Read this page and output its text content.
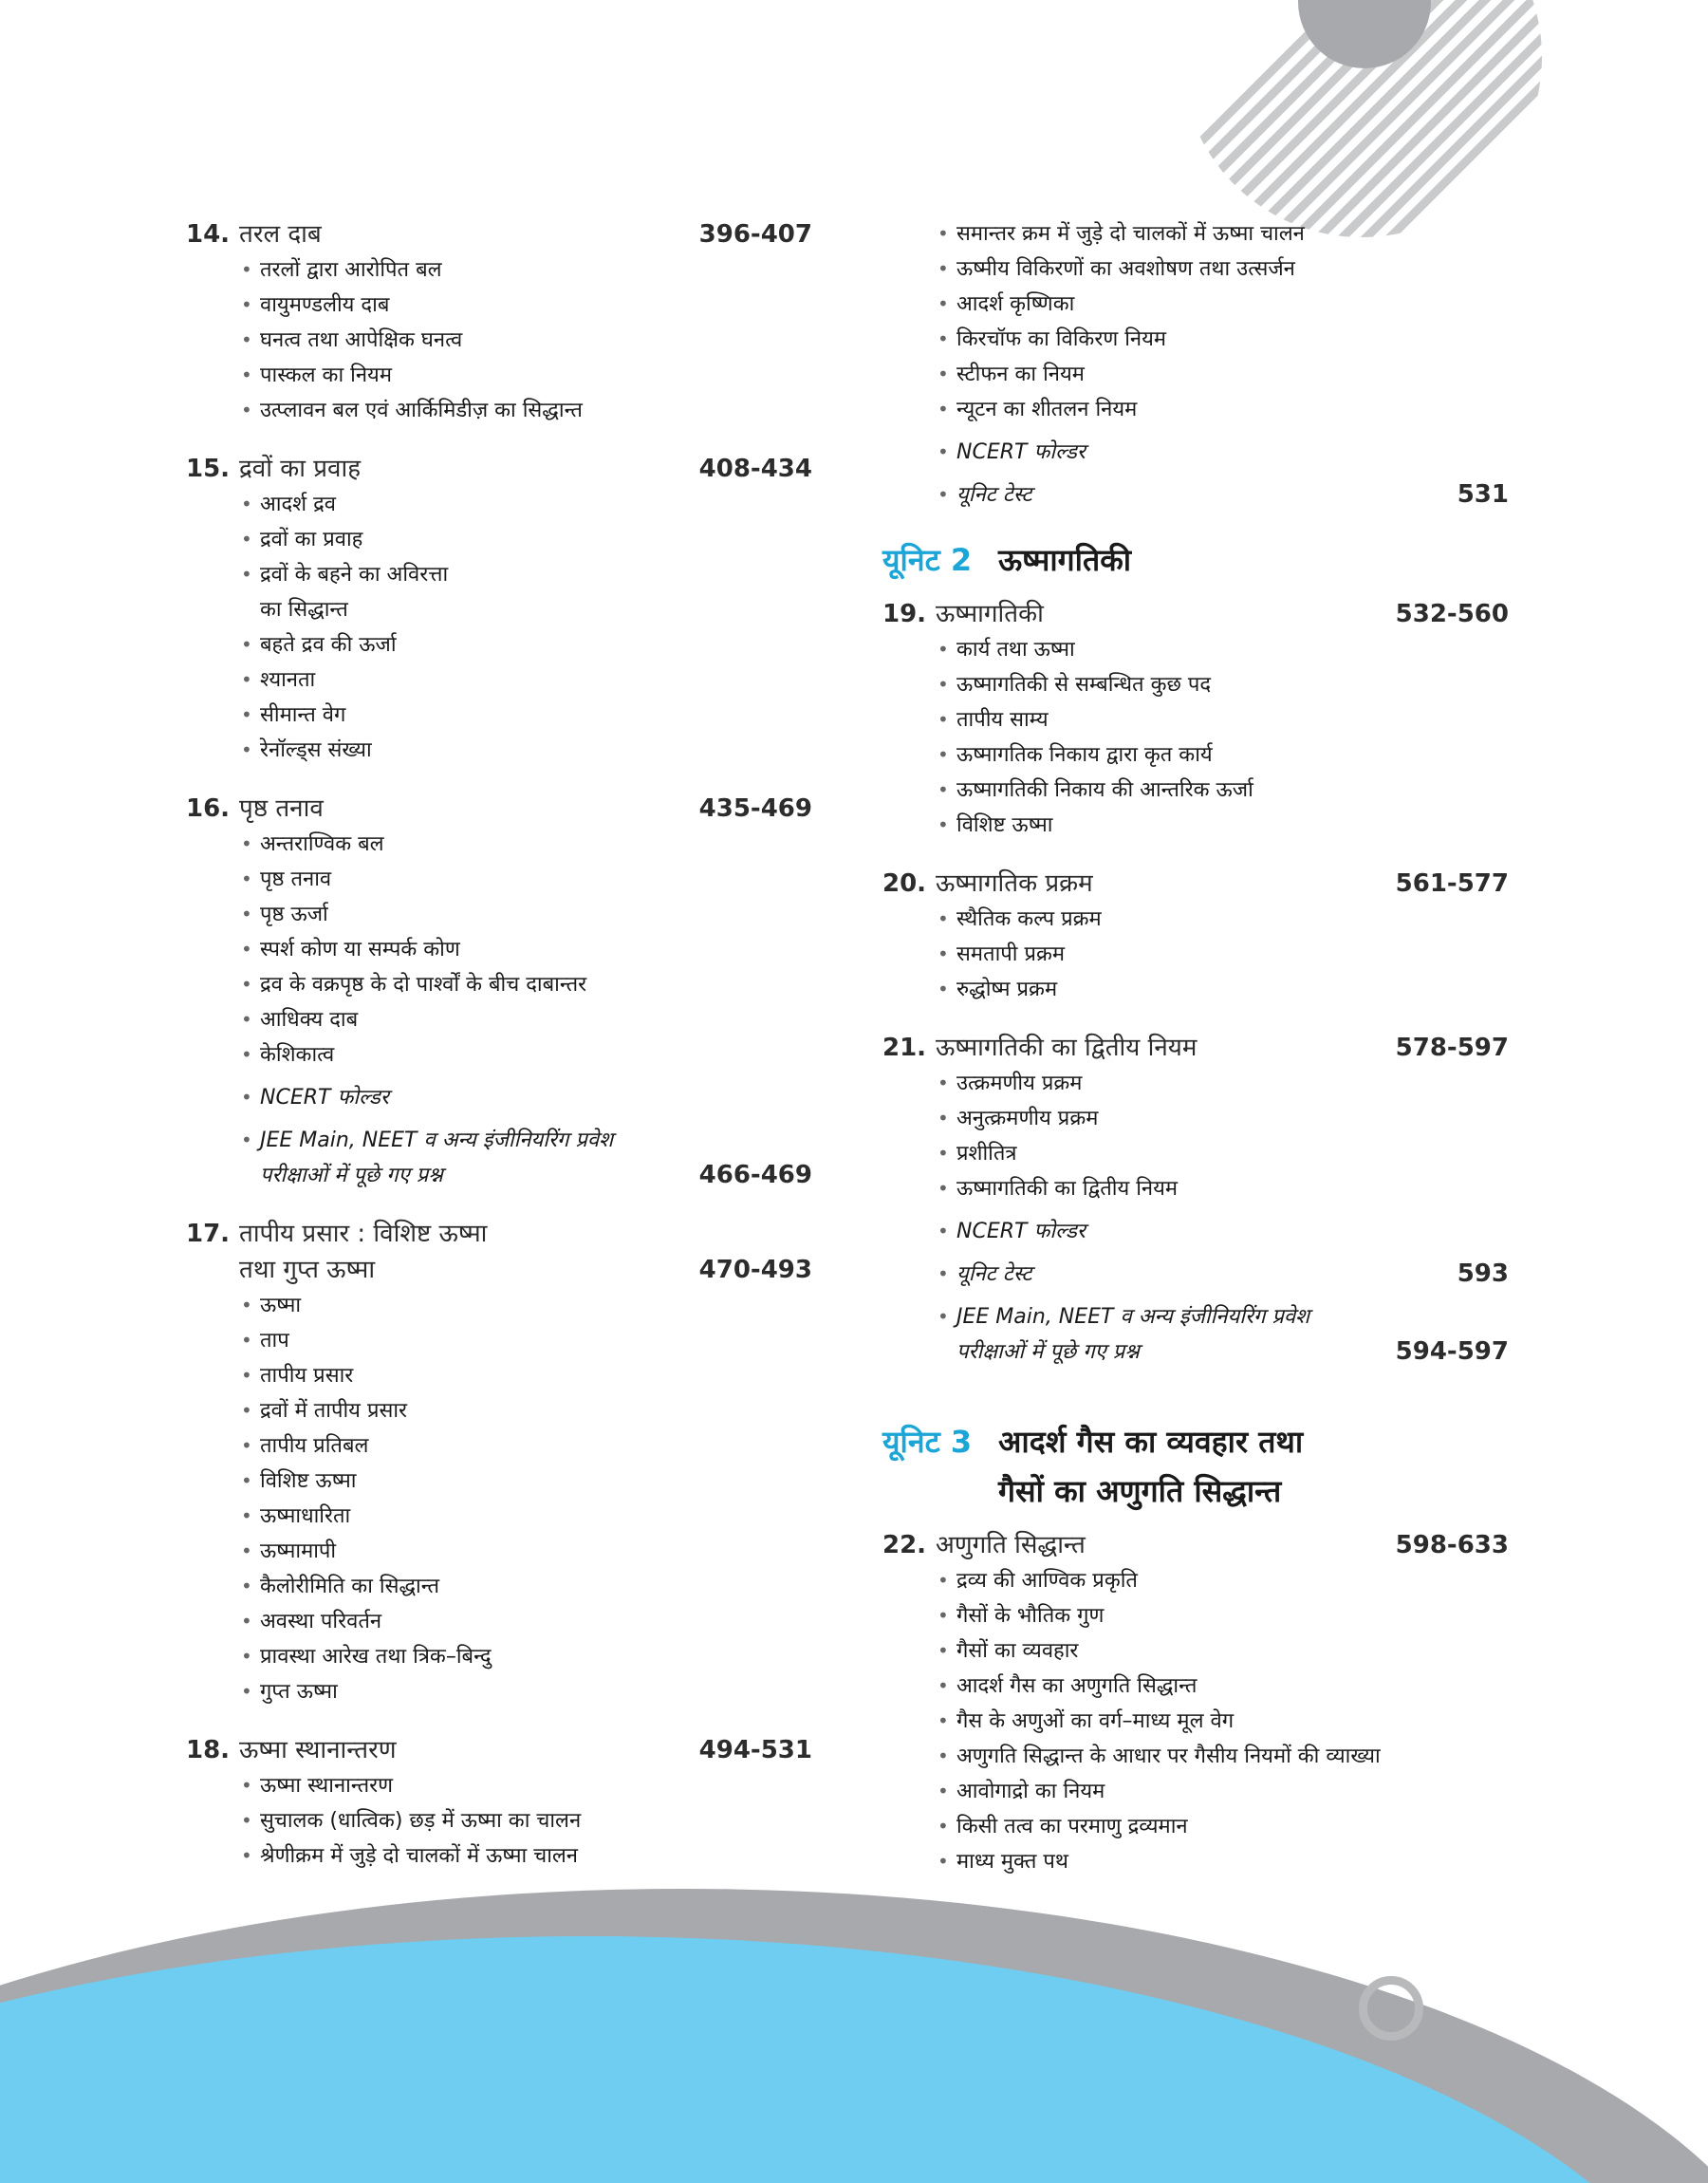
14. तरल दाब	396-407
• तरलों द्वारा आरोपित बल
• वायुमण्डलीय दाब
• घनत्व तथा आपेक्षिक घनत्व
• पास्कल का नियम
• उत्प्लावन बल एवं आर्किमिडीज़ का सिद्धान्त
15. द्रवों का प्रवाह	408-434
• आदर्श द्रव
• द्रवों का प्रवाह
• द्रवों के बहने का अविरत्ता
का सिद्धान्त
• बहते द्रव की ऊर्जा
• श्यानता
• सीमान्त वेग
• रेनॉल्ड्स संख्या
16. पृष्ठ तनाव	435-469
• अन्तराण्विक बल
• पृष्ठ तनाव
• पृष्ठ ऊर्जा
• स्पर्श कोण या सम्पर्क कोण
• द्रव के वक्रपृष्ठ के दो पार्श्वों के बीच दाबान्तर
• आधिक्य दाब
• केशिकात्व
• NCERT फोल्डर
• JEE Main, NEET व अन्य इंजीनियरिंग प्रवेश
परीक्षाओं में पूछे गए प्रश्न	466-469
17. तापीय प्रसार : विशिष्ट ऊष्मा
तथा गुप्त ऊष्मा	470-493
• ऊष्मा
• ताप
• तापीय प्रसार
• द्रवों में तापीय प्रसार
• तापीय प्रतिबल
• विशिष्ट ऊष्मा
• ऊष्माधारिता
• ऊष्मामापी
• कैलोरीमिति का सिद्धान्त
• अवस्था परिवर्तन
• प्रावस्था आरेख तथा त्रिक–बिन्दु
• गुप्त ऊष्मा
18. ऊष्मा स्थानान्तरण	494-531
• ऊष्मा स्थानान्तरण
• सुचालक (धात्विक) छड़ में ऊष्मा का चालन
• श्रेणीक्रम में जुड़े दो चालकों में ऊष्मा चालन
• समान्तर क्रम में जुड़े दो चालकों में ऊष्मा चालन
• ऊष्मीय विकिरणों का अवशोषण तथा उत्सर्जन
• आदर्श कृष्णिका
• किरचॉफ का विकिरण नियम
• स्टीफन का नियम
• न्यूटन का शीतलन नियम
• NCERT फोल्डर
• यूनिट टेस्ट	531
यूनिट 2 ऊष्मागतिकी
19. ऊष्मागतिकी	532-560
• कार्य तथा ऊष्मा
• ऊष्मागतिकी से सम्बन्धित कुछ पद
• तापीय साम्य
• ऊष्मागतिक निकाय द्वारा कृत कार्य
• ऊष्मागतिकी निकाय की आन्तरिक ऊर्जा
• विशिष्ट ऊष्मा
20. ऊष्मागतिक प्रक्रम	561-577
• स्थैतिक कल्प प्रक्रम
• समतापी प्रक्रम
• रुद्धोष्म प्रक्रम
21. ऊष्मागतिकी का द्वितीय नियम	578-597
• उत्क्रमणीय प्रक्रम
• अनुत्क्रमणीय प्रक्रम
• प्रशीतित्र
• ऊष्मागतिकी का द्वितीय नियम
• NCERT फोल्डर
• यूनिट टेस्ट	593
• JEE Main, NEET व अन्य इंजीनियरिंग प्रवेश
परीक्षाओं में पूछे गए प्रश्न	594-597
यूनिट 3 आदर्श गैस का व्यवहार तथा
गैसों का अणुगति सिद्धान्त
22. अणुगति सिद्धान्त	598-633
• द्रव्य की आण्विक प्रकृति
• गैसों के भौतिक गुण
• गैसों का व्यवहार
• आदर्श गैस का अणुगति सिद्धान्त
• गैस के अणुओं का वर्ग–माध्य मूल वेग
• अणुगति सिद्धान्त के आधार पर गैसीय नियमों की व्याख्या
• आवोगाद्रो का नियम
• किसी तत्व का परमाणु द्रव्यमान
• माध्य मुक्त पथ
